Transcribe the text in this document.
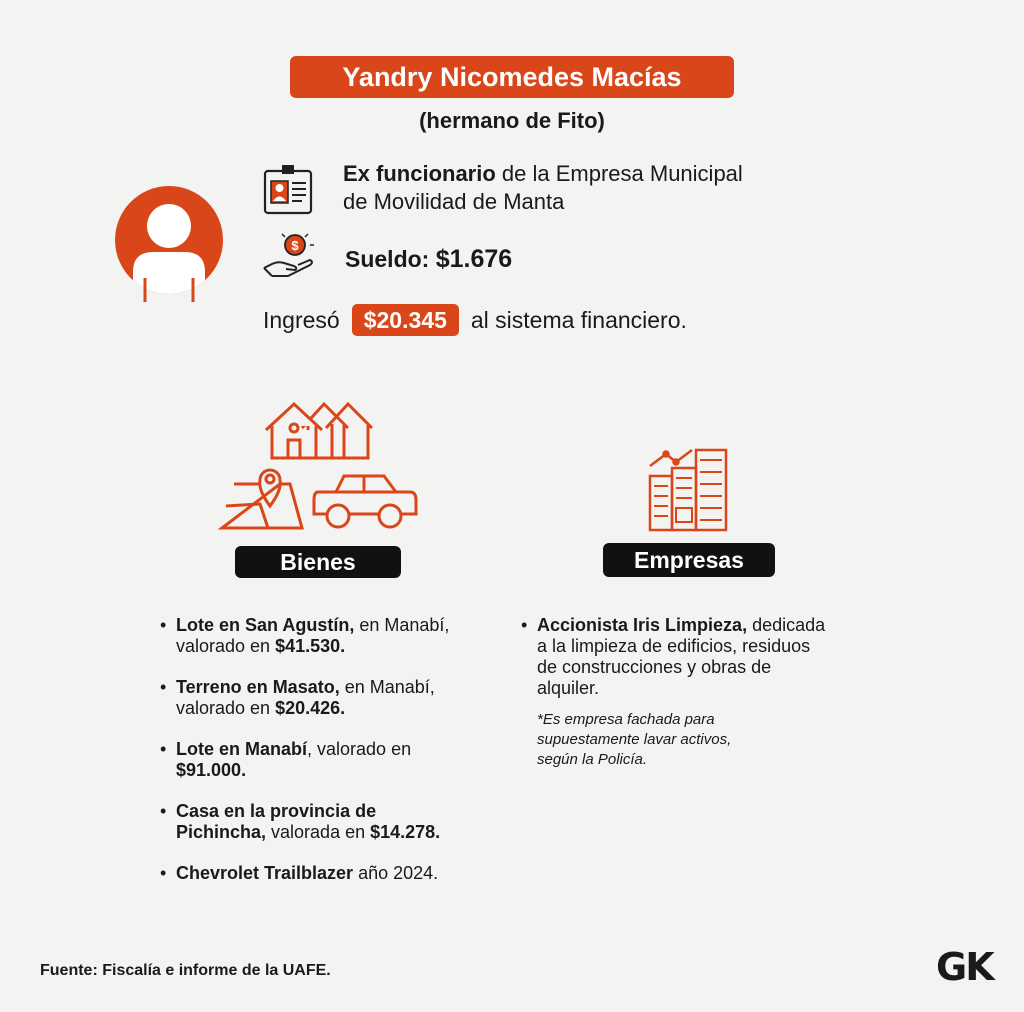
Yandry Nicomedes Macías
(hermano de Fito)
Ex funcionario de la Empresa Municipal
de Movilidad de Manta
$
Sueldo: $1.676
Ingresó	$20.345	al sistema financiero.
Bienes	Empresas
• Lote en San Agustín, en Manabí,
valorado en $41.530.
• Terreno en Masato, en Manabí,
valorado en $20.426.
• Lote en Manabí, valorado en
$91.000.
• Casa en la provincia de
Pichincha, valorada en $14.278.
• Chevrolet Trailblazer año 2024.
• Accionista Iris Limpieza, dedicada
a la limpieza de edificios, residuos
de construcciones y obras de
alquiler.
*Es empresa fachada para
supuestamente lavar activos,
según la Policía.
Fuente: Fiscalía e informe de la UAFE.	GK
